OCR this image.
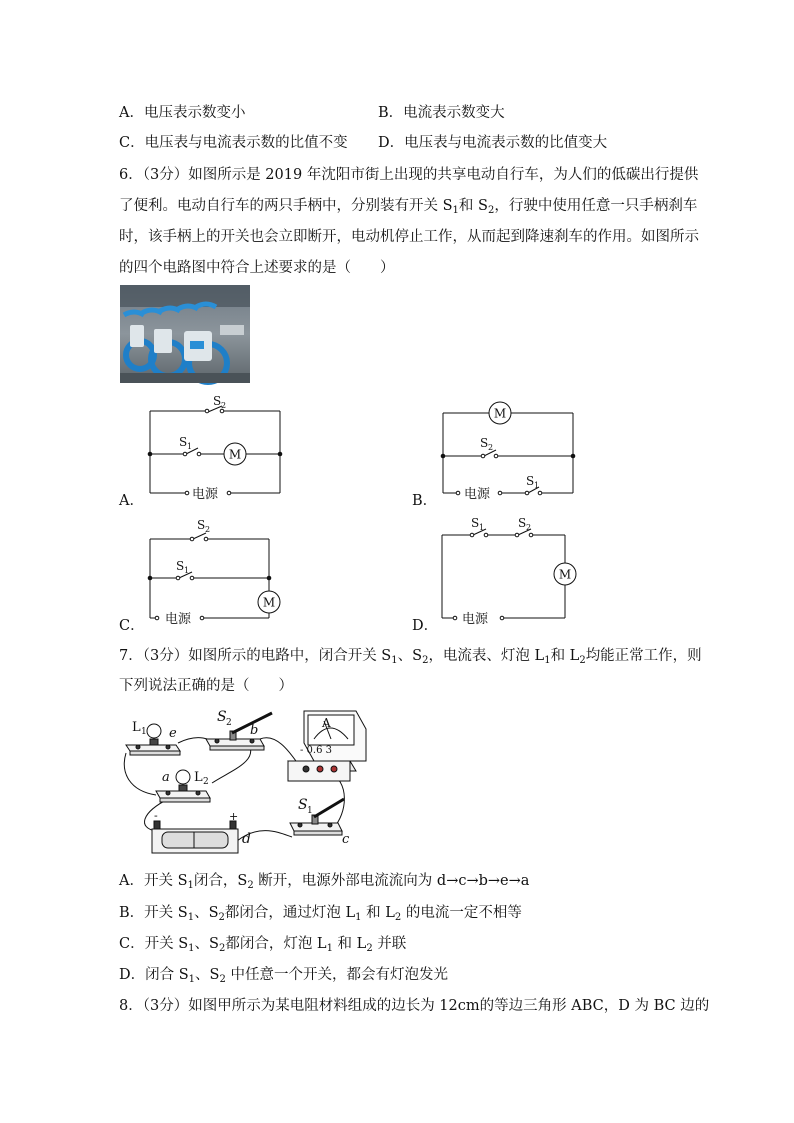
A．电压表示数变小	B．电流表示数变大
C．电压表与电流表示数的比值不变 D．电压表与电流表示数的比值变大
6．（3分）如图所示是 2019 年沈阳市街上出现的共享电动自行车，为人们的低碳出行提供
了便利。电动自行车的两只手柄中，分别装有开关 $S_1$和 $S_2$，行驶中使用任意一只手柄刹车
时，该手柄上的开关也会立即断开，电动机停止工作，从而起到降速刹车的作用。如图所示
的四个电路图中符合上述要求的是（　　）
S 2
S 1
M
电源
A．
M
S 2
S 1
电源
B．
S 2
S 1
M
电源
C．
S 1	S 2
M
电源
D．
7．（3分）如图所示的电路中，闭合开关 $S_1$、$S_2$，电流表、灯泡 $L_1$和 $L_2$均能正常工作，则
下列说法正确的是（　　）
L 1 e
S 2 b
a L 2
A
- 0.6 3
S 1
c
d
-	+
A．开关 $S_1$闭合，$S_2$ 断开，电源外部电流流向为 d→c→b→e→a
B．开关 $S_1$、$S_2$都闭合，通过灯泡 $L_1$ 和 $L_2$ 的电流一定不相等
C．开关 $S_1$、$S_2$都闭合，灯泡 $L_1$ 和 $L_2$ 并联
D．闭合 $S_1$、$S_2$ 中任意一个开关，都会有灯泡发光
8．（3分）如图甲所示为某电阻材料组成的边长为 12cm的等边三角形 ABC，D 为 BC 边的
